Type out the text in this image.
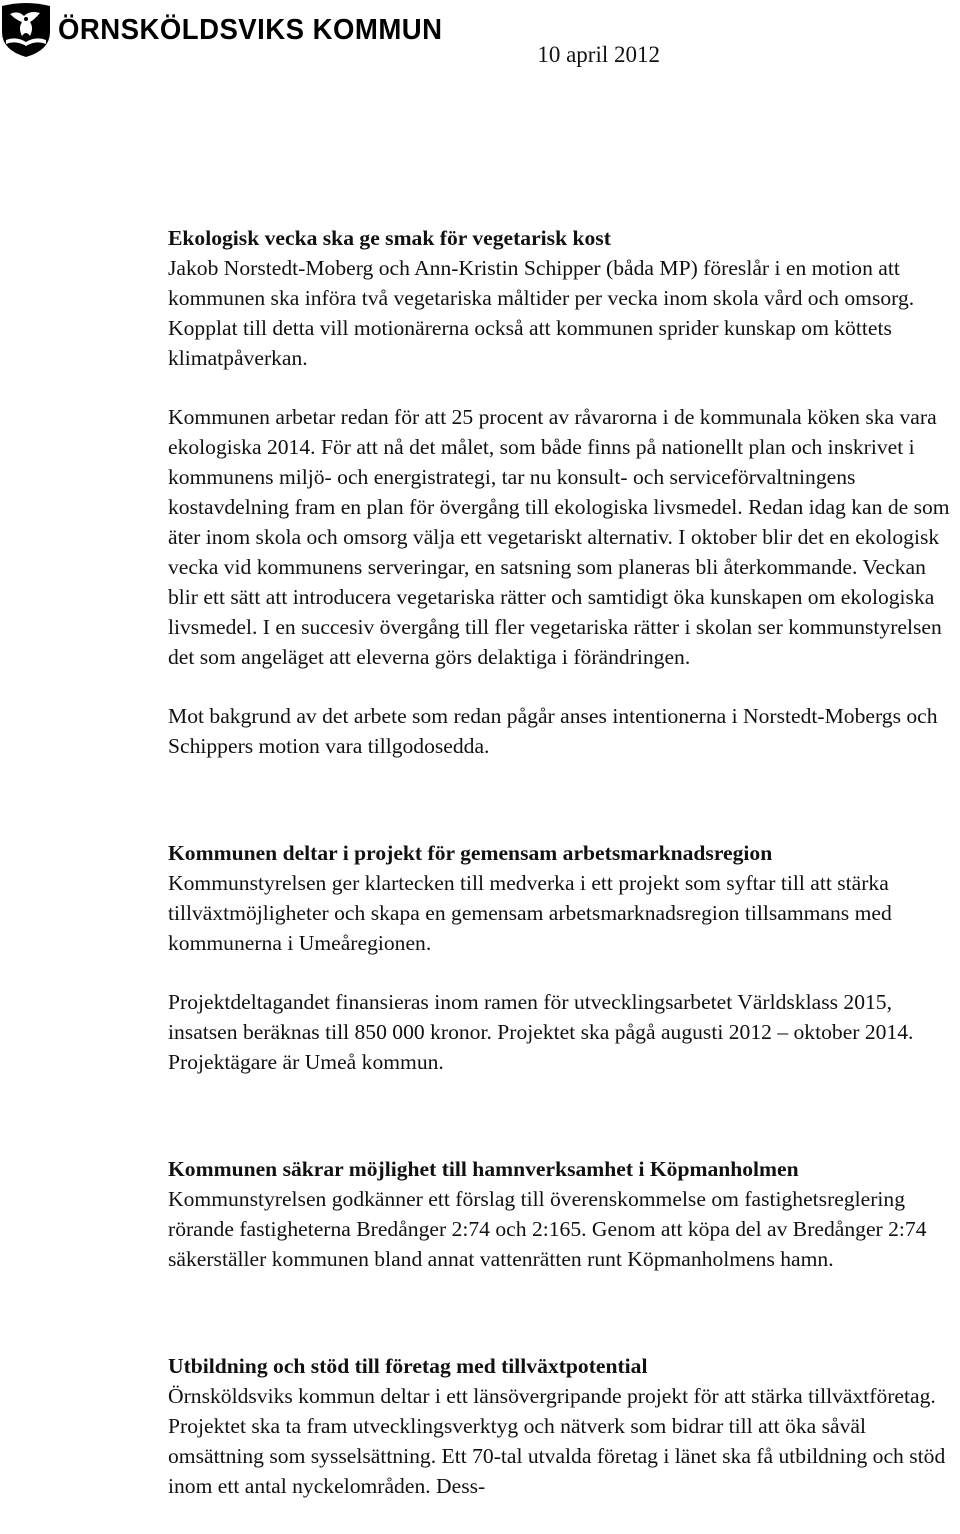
ÖRNSKÖLDSVIKS KOMMUN
10 april 2012
Ekologisk vecka ska ge smak för vegetarisk kost

Jakob Norstedt-Moberg och Ann-Kristin Schipper (båda MP) föreslår i en motion att kommunen ska införa två vegetariska måltider per vecka inom skola vård och omsorg. Kopplat till detta vill motionärerna också att kommunen sprider kunskap om köttets klimatpåverkan.

Kommunen arbetar redan för att 25 procent av råvarorna i de kommunala köken ska vara ekologiska 2014. För att nå det målet, som både finns på nationellt plan och inskrivet i kommunens miljö- och energistrategi, tar nu konsult- och serviceförvaltningens kostavdelning fram en plan för övergång till ekologiska livsmedel. Redan idag kan de som äter inom skola och omsorg välja ett vegetariskt alternativ. I oktober blir det en ekologisk vecka vid kommunens serveringar, en satsning som planeras bli återkommande. Veckan blir ett sätt att introducera vegetariska rätter och samtidigt öka kunskapen om ekologiska livsmedel. I en succesiv övergång till fler vegetariska rätter i skolan ser kommunstyrelsen det som angeläget att eleverna görs delaktiga i förändringen.

Mot bakgrund av det arbete som redan pågår anses intentionerna i Norstedt-Mobergs och Schippers motion vara tillgodosedda.

Kommunen deltar i projekt för gemensam arbetsmarknadsregion

Kommunstyrelsen ger klartecken till medverka i ett projekt som syftar till att stärka tillväxtmöjligheter och skapa en gemensam arbetsmarknadsregion tillsammans med kommunerna i Umeåregionen.

Projektdeltagandet finansieras inom ramen för utvecklingsarbetet Världsklass 2015, insatsen beräknas till 850 000 kronor. Projektet ska pågå augusti 2012 – oktober 2014. Projektägare är Umeå kommun.

Kommunen säkrar möjlighet till hamnverksamhet i Köpmanholmen

Kommunstyrelsen godkänner ett förslag till överenskommelse om fastighetsreglering rörande fastigheterna Bredånger 2:74 och 2:165. Genom att köpa del av Bredånger 2:74 säkerställer kommunen bland annat vattenrätten runt Köpmanholmens hamn.

Utbildning och stöd till företag med tillväxtpotential

Örnsköldsviks kommun deltar i ett länsövergripande projekt för att stärka tillväxtföretag. Projektet ska ta fram utvecklingsverktyg och nätverk som bidrar till att öka såväl omsättning som sysselsättning. Ett 70-tal utvalda företag i länet ska få utbildning och stöd inom ett antal nyckelområden. Dess-
